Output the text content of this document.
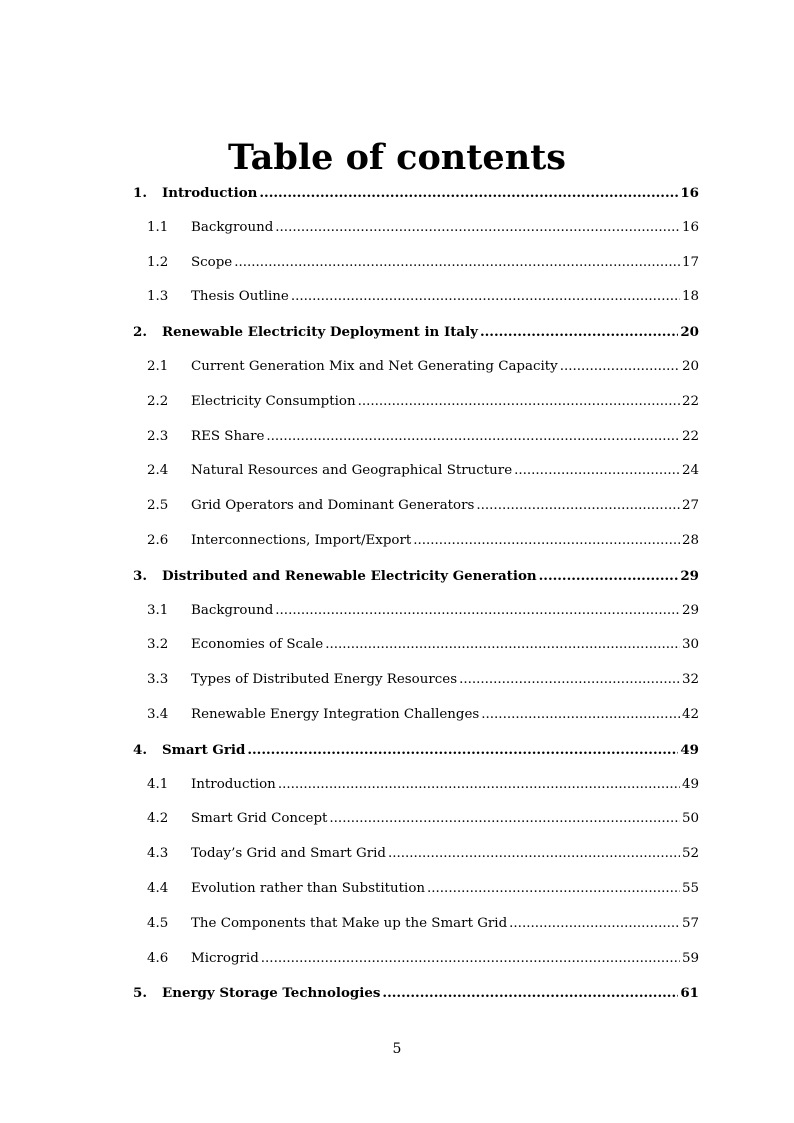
Table of contents
1. Introduction .....	16
1.1 Background .....	16
1.2 Scope .....	17
1.3 Thesis Outline .....	18
2. Renewable Electricity Deployment in Italy .....	20
2.1 Current Generation Mix and Net Generating Capacity .....	20
2.2 Electricity Consumption .....	22
2.3 RES Share .....	22
2.4 Natural Resources and Geographical Structure .....	24
2.5 Grid Operators and Dominant Generators .....	27
2.6 Interconnections, Import/Export .....	28
3. Distributed and Renewable Electricity Generation .....	29
3.1 Background .....	29
3.2 Economies of Scale .....	30
3.3 Types of Distributed Energy Resources .....	32
3.4 Renewable Energy Integration Challenges .....	42
4. Smart Grid .....	49
4.1 Introduction .....	49
4.2 Smart Grid Concept .....	50
4.3 Today’s Grid and Smart Grid .....	52
4.4 Evolution rather than Substitution .....	55
4.5 The Components that Make up the Smart Grid .....	57
4.6 Microgrid .....	59
5. Energy Storage Technologies .....	61
5
